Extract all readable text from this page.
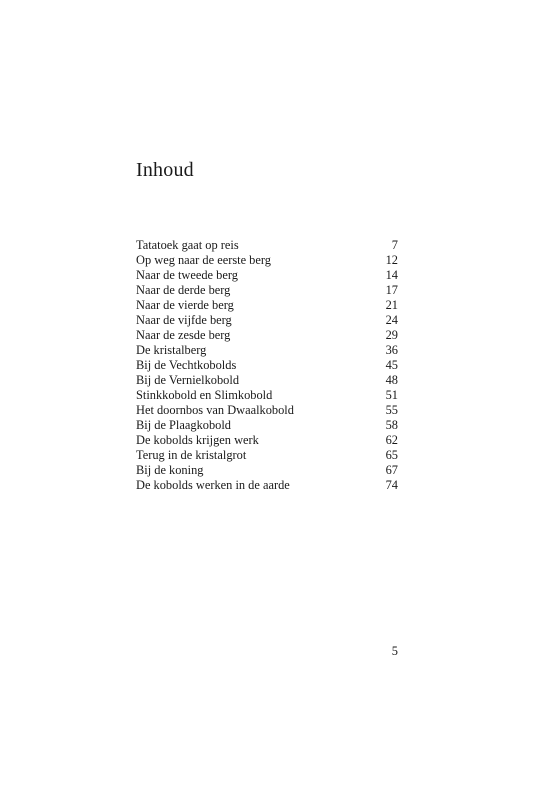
Inhoud
Tatatoek gaat op reis	7
Op weg naar de eerste berg	12
Naar de tweede berg	14
Naar de derde berg	17
Naar de vierde berg	21
Naar de vijfde berg	24
Naar de zesde berg	29
De kristalberg	36
Bij de Vechtkobolds	45
Bij de Vernielkobold	48
Stinkkobold en Slimkobold	51
Het doornbos van Dwaalkobold	55
Bij de Plaagkobold	58
De kobolds krijgen werk	62
Terug in de kristalgrot	65
Bij de koning	67
De kobolds werken in de aarde	74
5
